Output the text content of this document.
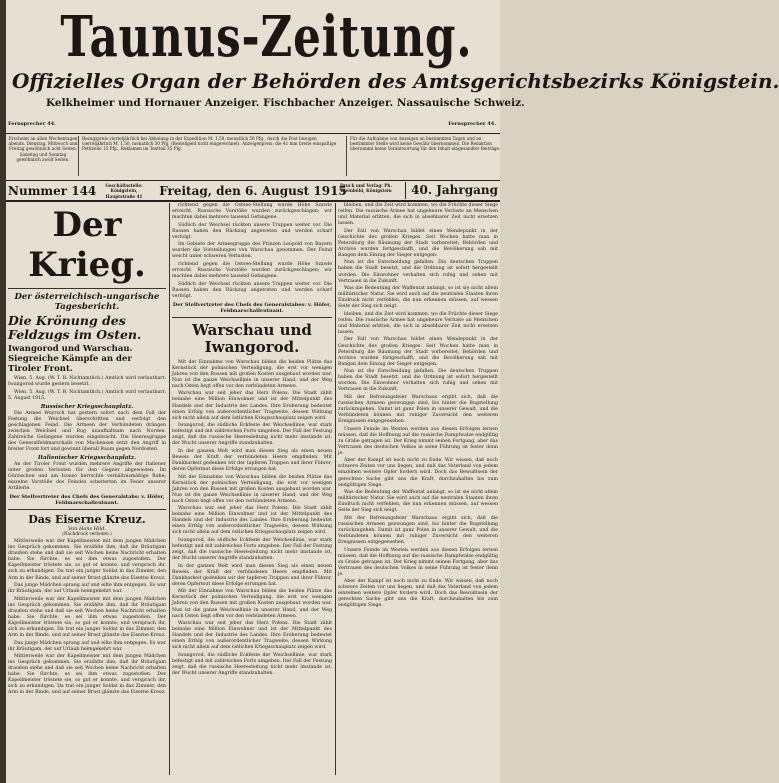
Taunus-Zeitung.
Offizielles Organ der Behörden des Amtsgerichtsbezirks Königstein.
Kelkheimer und Hornauer Anzeiger. Fischbacher Anzeiger. Nassauische Schweiz.
Fernsprecher 44.	Fernsprecher 44.
Erscheint an allen Wochentagen abends. Dienstag, Mittwoch und Freitag gewöhnlich acht Seiten, Samstag und Sonntag gewöhnlich zwölf Seiten.
Bezugspreis vierteljährlich bei Abholung in der Expedition M. 1.50, monatlich 50 Pfg., durch die Post bezogen vierteljährlich M. 1.50, monatlich 50 Pfg. (Bestellgeld nicht eingerechnet). Anzeigenpreis: die 41 mm breite einspaltige Petitzeile 15 Pfg., Reklamen im Textteil 35 Pfg.
Für die Aufnahme von Anzeigen an bestimmten Tagen und an bestimmter Stelle wird keine Gewähr übernommen. Die Redaktion übernimmt keine Verantwortung für den Inhalt eingesandter Beiträge.
Nummer 144	Geschäftsstelle: Königstein, Hauptstraße 41	Freitag, den 6. August 1915
Druck und Verlag: Ph. Kleinböhl, Königstein	40. Jahrgang
Der Krieg.
Der österreichisch-ungarische Tagesbericht.
Die Krönung des Feldzugs im Osten.
Iwangorod und Warschau. Siegreiche Kämpfe an der Tiroler Front.

Wien, 5. Aug. (W. T. B. Nichtamtlich.) Amtlich wird verlautbart: Iwangorod wurde gestern besetzt.

Wien, 5. Aug. (W. T. B. Nichtamtlich.) Amtlich wird verlautbart: 5. August 1915.

Russischer Kriegsschauplatz.

Die Armee Woyrsch hat gestern sofort nach dem Fall der Festung die Weichsel überschritten und verfolgt den geschlagenen Feind. Die Armeen der Verbündeten drängen zwischen Weichsel und Bug unaufhaltsam nach Norden. Zahlreiche Gefangene wurden eingebracht. Die Heeresgruppe des Generalfeldmarschalls von Mackensen setzt den Angriff in breiter Front fort und gewinnt überall Raum gegen Nordosten.

Italienischer Kriegsschauplatz.

An der Tiroler Front wurden mehrere Angriffe der Italiener unter großen Verlusten für den Gegner abgewiesen. Im Görzischen und am Isonzo herrschte verhältnismäßige Ruhe; einzelne Vorstöße des Feindes scheiterten im Feuer unserer Artillerie.

Der Stellvertreter des Chefs des Generalstabs: v. Höfer, Feldmarschalleutnant.
Das Eiserne Kreuz.
Von Hans Hild.
(Nachdruck verboten.)

Mittlerweile war der Kapellmeister mit dem jungen Mädchen ins Gespräch gekommen. Sie erzählte ihm, daß ihr Bräutigam draußen stehe und daß sie seit Wochen keine Nachricht erhalten habe. Sie fürchte, es sei ihm etwas zugestoßen. Der Kapellmeister tröstete sie, so gut er konnte, und versprach ihr, sich zu erkundigen. Da trat ein junger Soldat in das Zimmer, den Arm in der Binde, und auf seiner Brust glänzte das Eiserne Kreuz.

Das junge Mädchen sprang auf und eilte ihm entgegen. Es war ihr Bräutigam, der auf Urlaub heimgekehrt war.

Mittlerweile war der Kapellmeister mit dem jungen Mädchen ins Gespräch gekommen. Sie erzählte ihm, daß ihr Bräutigam draußen stehe und daß sie seit Wochen keine Nachricht erhalten habe. Sie fürchte, es sei ihm etwas zugestoßen. Der Kapellmeister tröstete sie, so gut er konnte, und versprach ihr, sich zu erkundigen. Da trat ein junger Soldat in das Zimmer, den Arm in der Binde, und auf seiner Brust glänzte das Eiserne Kreuz.

Das junge Mädchen sprang auf und eilte ihm entgegen. Es war ihr Bräutigam, der auf Urlaub heimgekehrt war.

Mittlerweile war der Kapellmeister mit dem jungen Mädchen ins Gespräch gekommen. Sie erzählte ihm, daß ihr Bräutigam draußen stehe und daß sie seit Wochen keine Nachricht erhalten habe. Sie fürchte, es sei ihm etwas zugestoßen. Der Kapellmeister tröstete sie, so gut er konnte, und versprach ihr, sich zu erkundigen. Da trat ein junger Soldat in das Zimmer, den Arm in der Binde, und auf seiner Brust glänzte das Eiserne Kreuz.

richtend gegen die Ostsee-Stellung wurde Höhe Szawle erreicht. Russische Vorstöße wurden zurückgeschlagen; wir machten dabei mehrere tausend Gefangene.

Südlich der Weichsel rückten unsere Truppen weiter vor. Die Russen haben den Rückzug angetreten und werden scharf verfolgt.

Im Gebiete der Armeegruppe des Prinzen Leopold von Bayern wurden die Vorstellungen von Warschau genommen. Der Feind weicht unter schweren Verlusten.

richtend gegen die Ostsee-Stellung wurde Höhe Szawle erreicht. Russische Vorstöße wurden zurückgeschlagen; wir machten dabei mehrere tausend Gefangene.

Südlich der Weichsel rückten unsere Truppen weiter vor. Die Russen haben den Rückzug angetreten und werden scharf verfolgt.

Der Stellvertreter des Chefs des Generalstabes: v. Höfer, Feldmarschalleutnant.
Warschau und Iwangorod.

Mit der Einnahme von Warschau bilden die beiden Plätze das Kernstück der polnischen Verteidigung, die erst vor wenigen Jahren von den Russen mit großen Kosten ausgebaut worden war. Nun ist die ganze Weichsellinie in unserer Hand, und der Weg nach Osten liegt offen vor den verbündeten Armeen.

Warschau war seit jeher das Herz Polens. Die Stadt zählt beinahe eine Million Einwohner und ist der Mittelpunkt des Handels und der Industrie des Landes. Ihre Eroberung bedeutet einen Erfolg von außerordentlicher Tragweite, dessen Wirkung sich nicht allein auf dem östlichen Kriegsschauplatz zeigen wird.

Iwangorod, die südliche Eckfeste der Weichsellinie, war stark befestigt und mit zahlreichen Forts umgeben. Der Fall der Festung zeigt, daß die russische Heeresleitung nicht mehr imstande ist, der Wucht unserer Angriffe standzuhalten.

In der ganzen Welt wird man diesen Sieg als einen neuen Beweis der Kraft der verbündeten Heere empfinden. Mit Dankbarkeit gedenken wir der tapferen Truppen und ihrer Führer, deren Opfermut diese Erfolge errungen hat.

Mit der Einnahme von Warschau bilden die beiden Plätze das Kernstück der polnischen Verteidigung, die erst vor wenigen Jahren von den Russen mit großen Kosten ausgebaut worden war. Nun ist die ganze Weichsellinie in unserer Hand, und der Weg nach Osten liegt offen vor den verbündeten Armeen.

Warschau war seit jeher das Herz Polens. Die Stadt zählt beinahe eine Million Einwohner und ist der Mittelpunkt des Handels und der Industrie des Landes. Ihre Eroberung bedeutet einen Erfolg von außerordentlicher Tragweite, dessen Wirkung sich nicht allein auf dem östlichen Kriegsschauplatz zeigen wird.

Iwangorod, die südliche Eckfeste der Weichsellinie, war stark befestigt und mit zahlreichen Forts umgeben. Der Fall der Festung zeigt, daß die russische Heeresleitung nicht mehr imstande ist, der Wucht unserer Angriffe standzuhalten.

In der ganzen Welt wird man diesen Sieg als einen neuen Beweis der Kraft der verbündeten Heere empfinden. Mit Dankbarkeit gedenken wir der tapferen Truppen und ihrer Führer, deren Opfermut diese Erfolge errungen hat.

Mit der Einnahme von Warschau bilden die beiden Plätze das Kernstück der polnischen Verteidigung, die erst vor wenigen Jahren von den Russen mit großen Kosten ausgebaut worden war. Nun ist die ganze Weichsellinie in unserer Hand, und der Weg nach Osten liegt offen vor den verbündeten Armeen.

Warschau war seit jeher das Herz Polens. Die Stadt zählt beinahe eine Million Einwohner und ist der Mittelpunkt des Handels und der Industrie des Landes. Ihre Eroberung bedeutet einen Erfolg von außerordentlicher Tragweite, dessen Wirkung sich nicht allein auf dem östlichen Kriegsschauplatz zeigen wird.

Iwangorod, die südliche Eckfeste der Weichsellinie, war stark befestigt und mit zahlreichen Forts umgeben. Der Fall der Festung zeigt, daß die russische Heeresleitung nicht mehr imstande ist, der Wucht unserer Angriffe standzuhalten.

bleiben, und die Zeit wird kommen, wo die Früchte dieser Siege reifen. Die russische Armee hat ungeheure Verluste an Menschen und Material erlitten, die sich in absehbarer Zeit nicht ersetzen lassen.

Der Fall von Warschau bildet einen Wendepunkt in der Geschichte des großen Krieges. Seit Wochen hatte man in Petersburg die Räumung der Stadt vorbereitet; Behörden und Archive wurden fortgeschafft, und die Bevölkerung sah mit Bangen dem Einzug der Sieger entgegen.

Nun ist die Entscheidung gefallen. Die deutschen Truppen haben die Stadt besetzt, und die Ordnung ist sofort hergestellt worden. Die Einwohner verhalten sich ruhig und sehen mit Vertrauen in die Zukunft.

Was die Bedeutung der Waffentat anlangt, so ist sie nicht allein militärischer Natur. Sie wird auch auf die neutralen Staaten ihren Eindruck nicht verfehlen, die nun erkennen müssen, auf wessen Seite der Sieg sich neigt.

bleiben, und die Zeit wird kommen, wo die Früchte dieser Siege reifen. Die russische Armee hat ungeheure Verluste an Menschen und Material erlitten, die sich in absehbarer Zeit nicht ersetzen lassen.

Der Fall von Warschau bildet einen Wendepunkt in der Geschichte des großen Krieges. Seit Wochen hatte man in Petersburg die Räumung der Stadt vorbereitet; Behörden und Archive wurden fortgeschafft, und die Bevölkerung sah mit Bangen dem Einzug der Sieger entgegen.

Nun ist die Entscheidung gefallen. Die deutschen Truppen haben die Stadt besetzt, und die Ordnung ist sofort hergestellt worden. Die Einwohner verhalten sich ruhig und sehen mit Vertrauen in die Zukunft.

Mit der Befreiungsfeier Warschaus ergibt sich, daß die russischen Armeen gezwungen sind, bis hinter die Bugstellung zurückzugehen. Damit ist ganz Polen in unserer Gewalt, und die Verbündeten können mit ruhiger Zuversicht den weiteren Ereignissen entgegensehen.

Unsere Feinde im Westen werden aus diesen Erfolgen lernen müssen, daß die Hoffnung auf die russische Dampfwalze endgültig zu Grabe getragen ist. Der Krieg nimmt seinen Fortgang, aber das Vertrauen des deutschen Volkes in seine Führung ist fester denn je.

Aber der Kampf ist noch nicht zu Ende. Wir wissen, daß noch schwere Zeiten vor uns liegen, und daß das Vaterland von jedem einzelnen weitere Opfer fordern wird. Doch das Bewußtsein der gerechten Sache gibt uns die Kraft, durchzuhalten bis zum endgültigen Siege.

Was die Bedeutung der Waffentat anlangt, so ist sie nicht allein militärischer Natur. Sie wird auch auf die neutralen Staaten ihren Eindruck nicht verfehlen, die nun erkennen müssen, auf wessen Seite der Sieg sich neigt.

Mit der Befreiungsfeier Warschaus ergibt sich, daß die russischen Armeen gezwungen sind, bis hinter die Bugstellung zurückzugehen. Damit ist ganz Polen in unserer Gewalt, und die Verbündeten können mit ruhiger Zuversicht den weiteren Ereignissen entgegensehen.

Unsere Feinde im Westen werden aus diesen Erfolgen lernen müssen, daß die Hoffnung auf die russische Dampfwalze endgültig zu Grabe getragen ist. Der Krieg nimmt seinen Fortgang, aber das Vertrauen des deutschen Volkes in seine Führung ist fester denn je.

Aber der Kampf ist noch nicht zu Ende. Wir wissen, daß noch schwere Zeiten vor uns liegen, und daß das Vaterland von jedem einzelnen weitere Opfer fordern wird. Doch das Bewußtsein der gerechten Sache gibt uns die Kraft, durchzuhalten bis zum endgültigen Siege.
